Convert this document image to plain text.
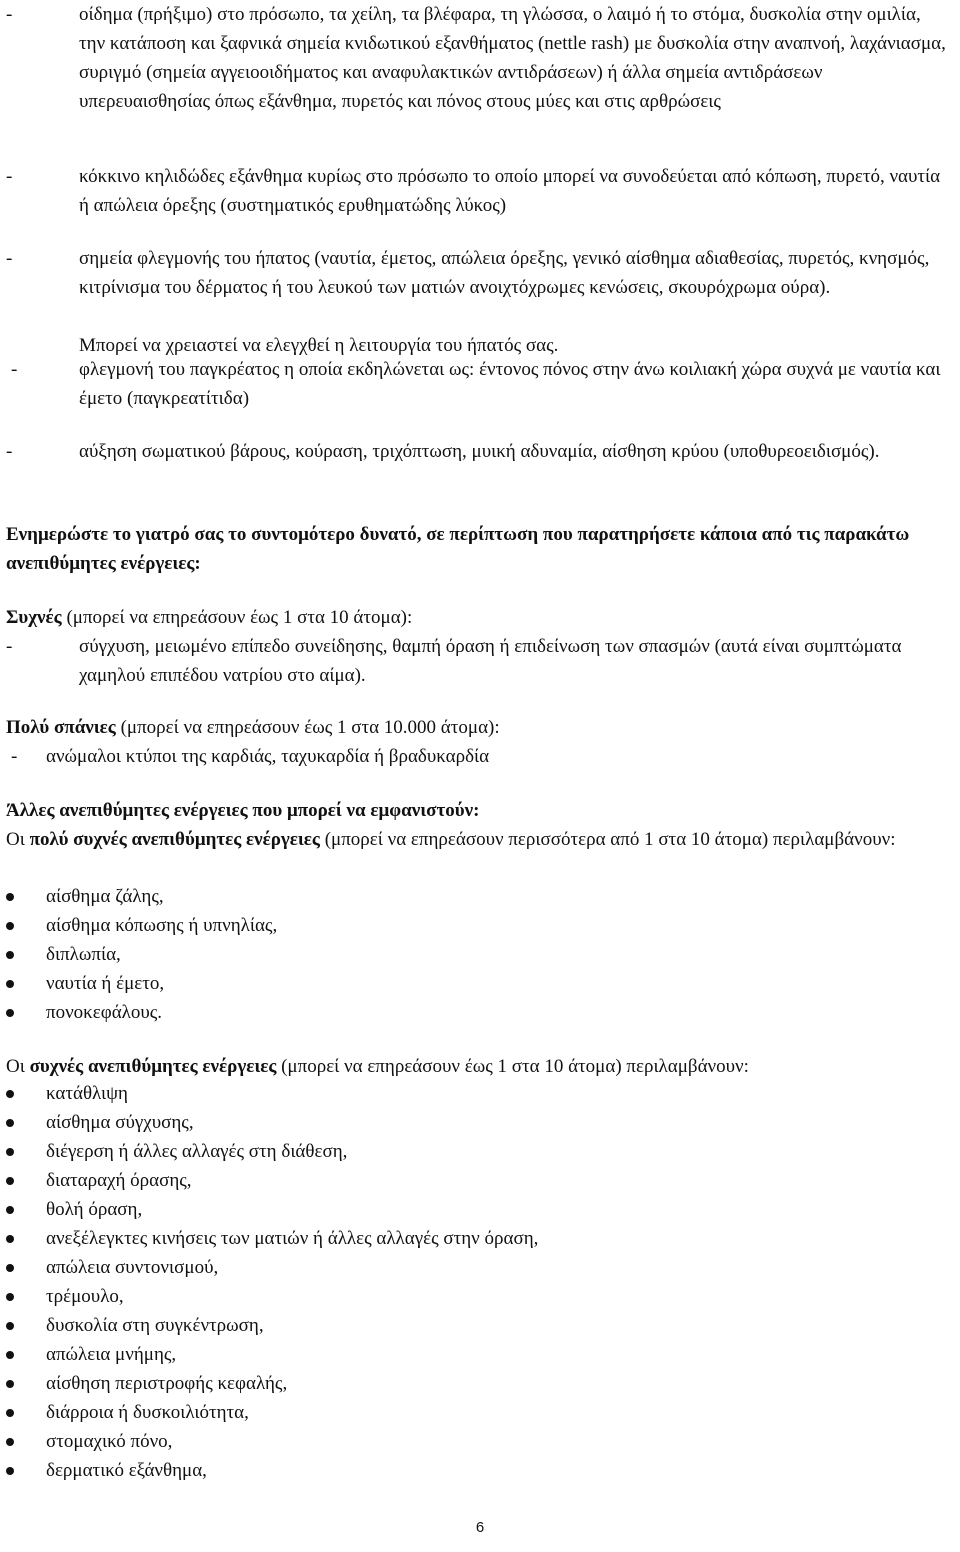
-	οίδημα (πρήξιμο) στο πρόσωπο, τα χείλη, τα βλέφαρα, τη γλώσσα, ο λαιμό ή το στόμα, δυσκολία στην ομιλία, την κατάποση και ξαφνικά σημεία κνιδωτικού εξανθήματος (nettle rash) με δυσκολία στην αναπνοή, λαχάνιασμα, συριγμό (σημεία αγγειοοιδήματος και αναφυλακτικών αντιδράσεων) ή άλλα σημεία αντιδράσεων υπερευαισθησίας όπως εξάνθημα, πυρετός και πόνος στους μύες και στις αρθρώσεις
-	κόκκινο κηλιδώδες εξάνθημα κυρίως στο πρόσωπο το οποίο μπορεί να συνοδεύεται από κόπωση, πυρετό, ναυτία ή απώλεια όρεξης (συστηματικός ερυθηματώδης λύκος)
-	σημεία φλεγμονής του ήπατος (ναυτία, έμετος, απώλεια όρεξης, γενικό αίσθημα αδιαθεσίας, πυρετός, κνησμός, κιτρίνισμα του δέρματος ή του λευκού των ματιών ανοιχτόχρωμες κενώσεις, σκουρόχρωμα ούρα).
Μπορεί να χρειαστεί να ελεγχθεί η λειτουργία του ήπατός σας.
-	φλεγμονή του παγκρέατος η οποία εκδηλώνεται ως: έντονος πόνος στην άνω κοιλιακή χώρα συχνά με ναυτία και έμετο (παγκρεατίτιδα)
-	αύξηση σωματικού βάρους, κούραση, τριχόπτωση, μυική αδυναμία, αίσθηση κρύου (υποθυρεοειδισμός).
Ενημερώστε το γιατρό σας το συντομότερο δυνατό, σε περίπτωση που παρατηρήσετε κάποια από τις παρακάτω ανεπιθύμητες ενέργειες:
Συχνές (μπορεί να επηρεάσουν έως 1 στα 10 άτομα):
-	σύγχυση, μειωμένο επίπεδο συνείδησης, θαμπή όραση ή επιδείνωση των σπασμών (αυτά είναι συμπτώματα χαμηλού επιπέδου νατρίου στο αίμα).
Πολύ σπάνιες (μπορεί να επηρεάσουν έως 1 στα 10.000 άτομα):
- ανώμαλοι κτύποι της καρδιάς, ταχυκαρδία ή βραδυκαρδία
Άλλες ανεπιθύμητες ενέργειες που μπορεί να εμφανιστούν:
Οι πολύ συχνές ανεπιθύμητες ενέργειες (μπορεί να επηρεάσουν περισσότερα από 1 στα 10 άτομα) περιλαμβάνουν:
αίσθημα ζάλης,
αίσθημα κόπωσης ή υπνηλίας,
διπλωπία,
ναυτία ή έμετο,
πονοκεφάλους.
Οι συχνές ανεπιθύμητες ενέργειες (μπορεί να επηρεάσουν έως 1 στα 10 άτομα) περιλαμβάνουν:
κατάθλιψη
αίσθημα σύγχυσης,
διέγερση ή άλλες αλλαγές στη διάθεση,
διαταραχή όρασης,
θολή όραση,
ανεξέλεγκτες κινήσεις των ματιών ή άλλες αλλαγές στην όραση,
απώλεια συντονισμού,
τρέμουλο,
δυσκολία στη συγκέντρωση,
απώλεια μνήμης,
αίσθηση περιστροφής κεφαλής,
διάρροια ή δυσκοιλιότητα,
στομαχικό πόνο,
δερματικό εξάνθημα,
6
